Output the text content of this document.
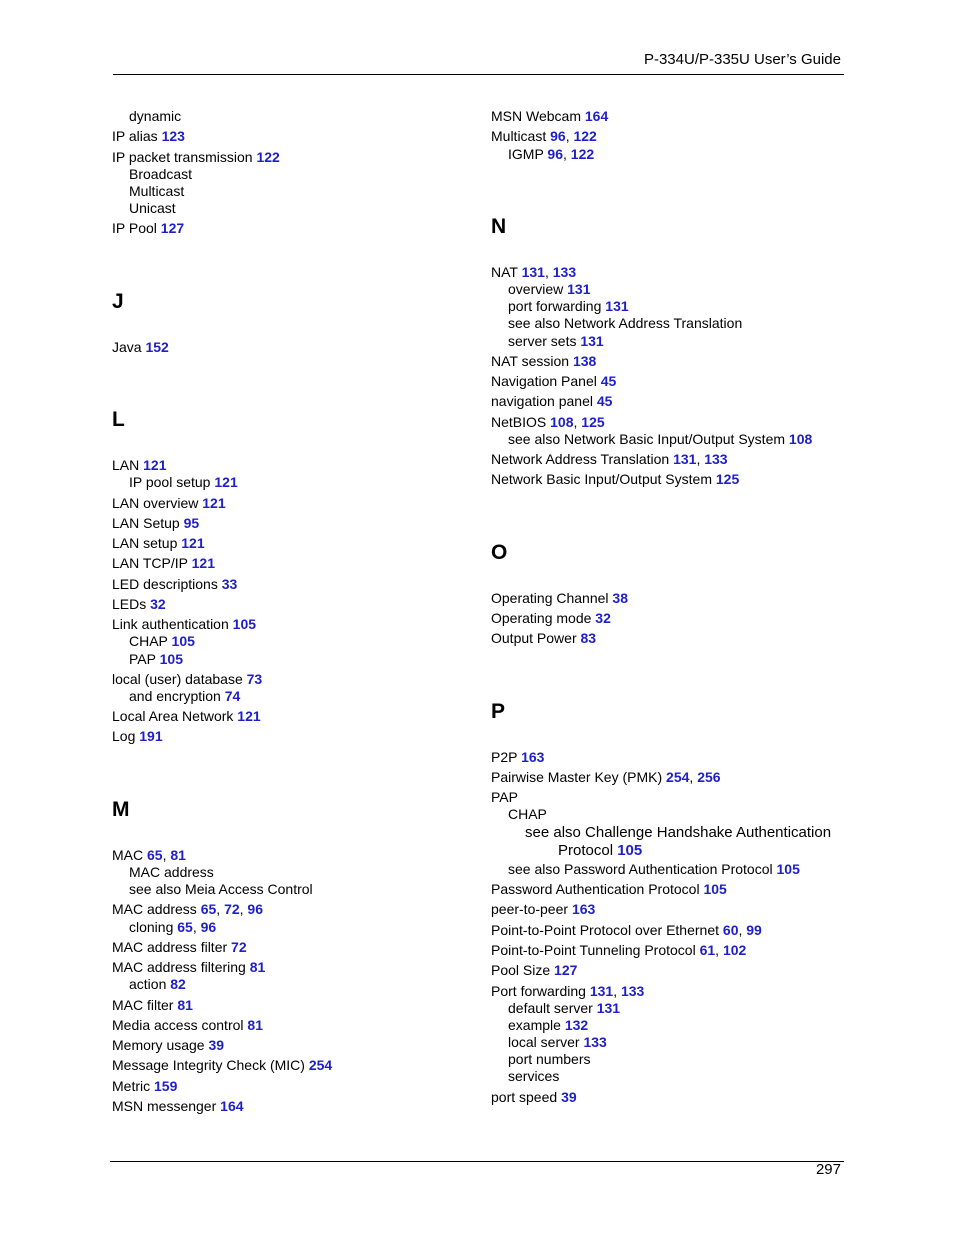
P-334U/P-335U User’s Guide
dynamic
IP alias 123
IP packet transmission 122
Broadcast
Multicast
Unicast
IP Pool 127
J
Java 152
L
LAN 121
IP pool setup 121
LAN overview 121
LAN Setup 95
LAN setup 121
LAN TCP/IP 121
LED descriptions 33
LEDs 32
Link authentication 105
CHAP 105
PAP 105
local (user) database 73
and encryption 74
Local Area Network 121
Log 191
M
MAC 65, 81
MAC address
see also Meia Access Control
MAC address 65, 72, 96
cloning 65, 96
MAC address filter 72
MAC address filtering 81
action 82
MAC filter 81
Media access control 81
Memory usage 39
Message Integrity Check (MIC) 254
Metric 159
MSN messenger 164
MSN Webcam 164
Multicast 96, 122
IGMP 96, 122
N
NAT 131, 133
overview 131
port forwarding 131
see also Network Address Translation
server sets 131
NAT session 138
Navigation Panel 45
navigation panel 45
NetBIOS 108, 125
see also Network Basic Input/Output System 108
Network Address Translation 131, 133
Network Basic Input/Output System 125
O
Operating Channel 38
Operating mode 32
Output Power 83
P
P2P 163
Pairwise Master Key (PMK) 254, 256
PAP
CHAP
see also Challenge Handshake Authentication
Protocol 105
see also Password Authentication Protocol 105
Password Authentication Protocol 105
peer-to-peer 163
Point-to-Point Protocol over Ethernet 60, 99
Point-to-Point Tunneling Protocol 61, 102
Pool Size 127
Port forwarding 131, 133
default server 131
example 132
local server 133
port numbers
services
port speed 39
297
